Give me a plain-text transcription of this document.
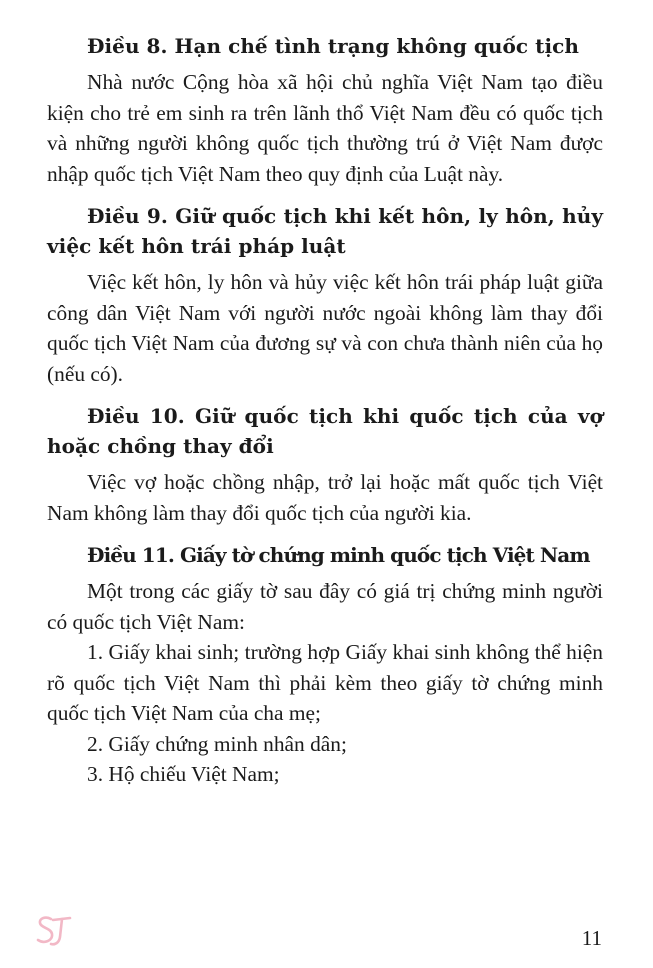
Điều 8. Hạn chế tình trạng không quốc tịch

Nhà nước Cộng hòa xã hội chủ nghĩa Việt Nam tạo điều kiện cho trẻ em sinh ra trên lãnh thổ Việt Nam đều có quốc tịch và những người không quốc tịch thường trú ở Việt Nam được nhập quốc tịch Việt Nam theo quy định của Luật này.

Điều 9. Giữ quốc tịch khi kết hôn, ly hôn, hủy việc kết hôn trái pháp luật

Việc kết hôn, ly hôn và hủy việc kết hôn trái pháp luật giữa công dân Việt Nam với người nước ngoài không làm thay đổi quốc tịch Việt Nam của đương sự và con chưa thành niên của họ (nếu có).

Điều 10. Giữ quốc tịch khi quốc tịch của vợ hoặc chồng thay đổi

Việc vợ hoặc chồng nhập, trở lại hoặc mất quốc tịch Việt Nam không làm thay đổi quốc tịch của người kia.

Điều 11. Giấy tờ chứng minh quốc tịch Việt Nam

Một trong các giấy tờ sau đây có giá trị chứng minh người có quốc tịch Việt Nam:

1. Giấy khai sinh; trường hợp Giấy khai sinh không thể hiện rõ quốc tịch Việt Nam thì phải kèm theo giấy tờ chứng minh quốc tịch Việt Nam của cha mẹ;

2. Giấy chứng minh nhân dân;

3. Hộ chiếu Việt Nam;

11
